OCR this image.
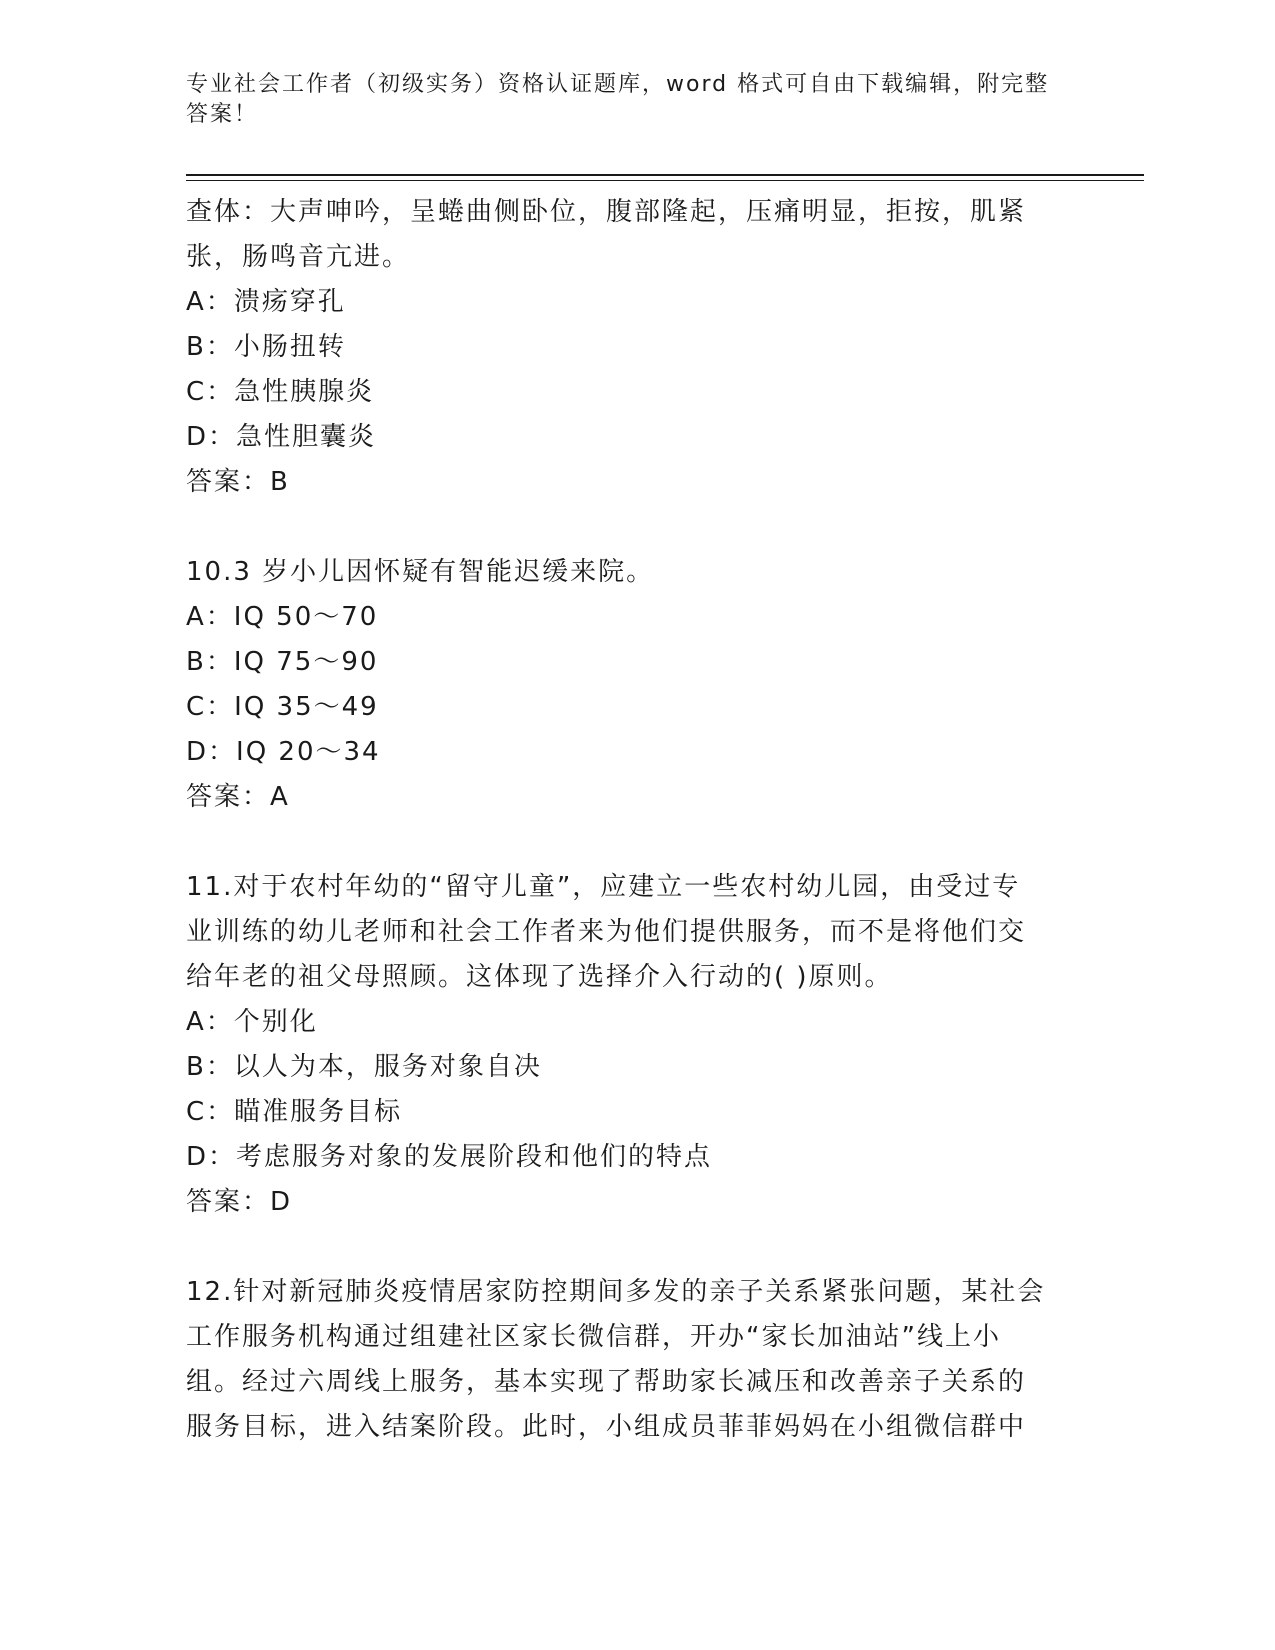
专业社会工作者（初级实务）资格认证题库，word 格式可自由下载编辑，附完整
答案！
查体：大声呻吟，呈蜷曲侧卧位，腹部隆起，压痛明显，拒按，肌紧
张，肠鸣音亢进。
A：溃疡穿孔
B：小肠扭转
C：急性胰腺炎
D：急性胆囊炎
答案：B
10.3 岁小儿因怀疑有智能迟缓来院。
A：IQ 50～70
B：IQ 75～90
C：IQ 35～49
D：IQ 20～34
答案：A
11.对于农村年幼的“留守儿童”，应建立一些农村幼儿园，由受过专
业训练的幼儿老师和社会工作者来为他们提供服务，而不是将他们交
给年老的祖父母照顾。这体现了选择介入行动的( )原则。
A：个别化
B：以人为本，服务对象自决
C：瞄准服务目标
D：考虑服务对象的发展阶段和他们的特点
答案：D
12.针对新冠肺炎疫情居家防控期间多发的亲子关系紧张问题，某社会
工作服务机构通过组建社区家长微信群，开办“家长加油站”线上小
组。经过六周线上服务，基本实现了帮助家长减压和改善亲子关系的
服务目标，进入结案阶段。此时，小组成员菲菲妈妈在小组微信群中
